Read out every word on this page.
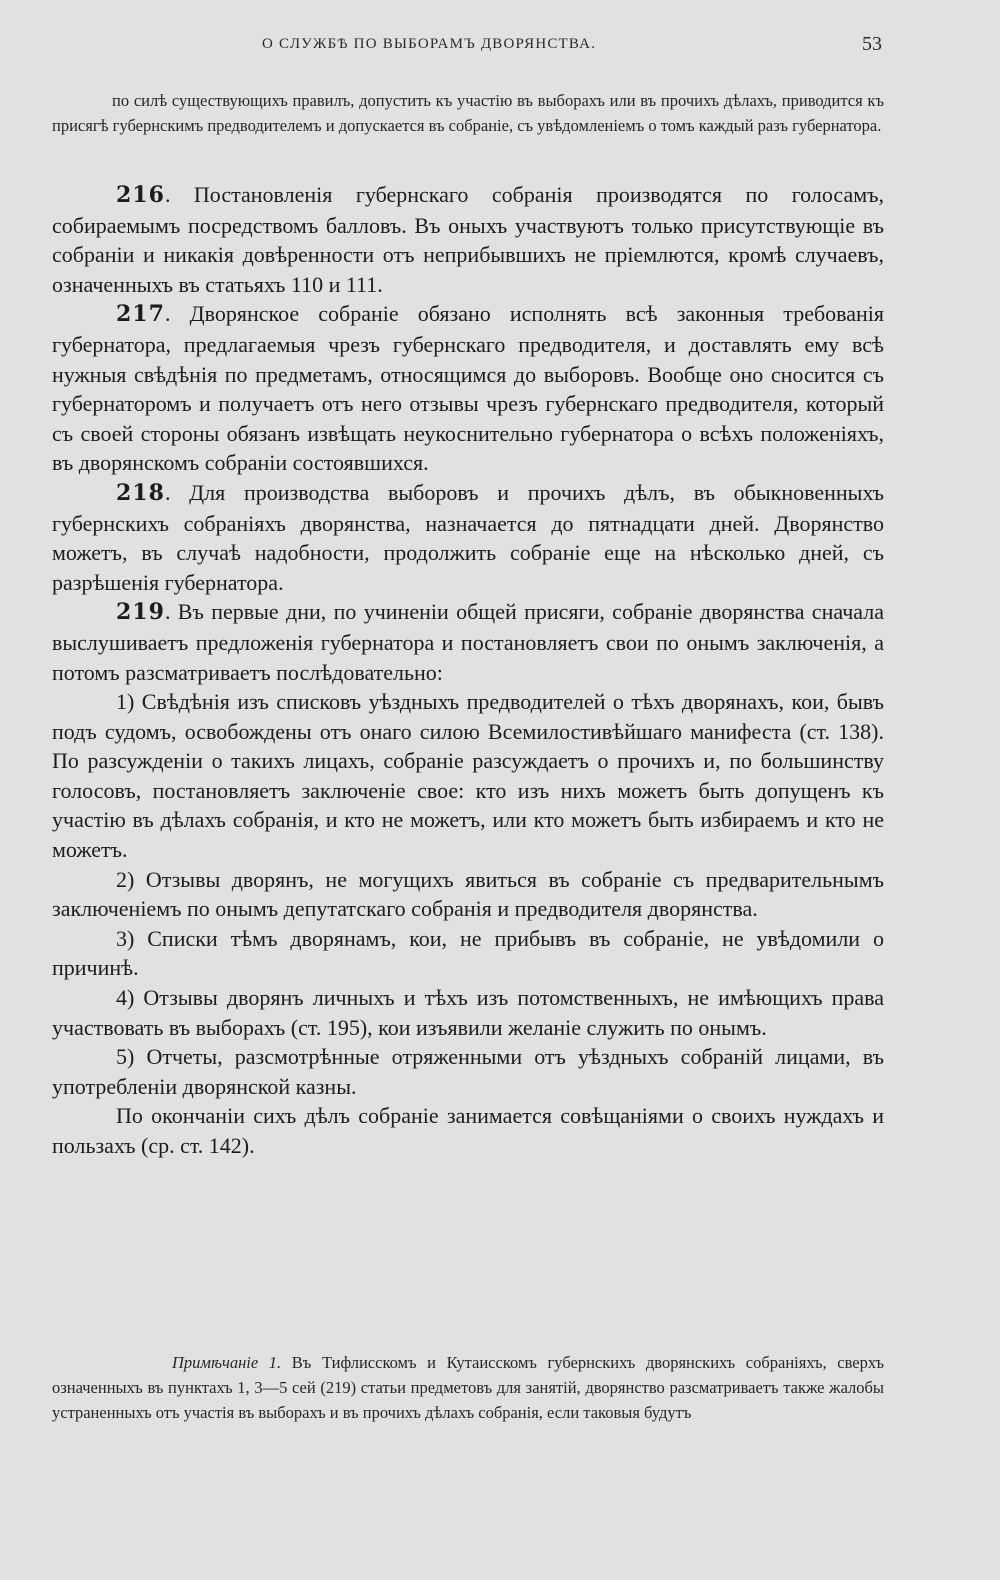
О СЛУЖБѢ ПО ВЫБОРАМЪ ДВОРЯНСТВА.	53

по силѣ существующихъ правилъ, допустить къ участію въ выборахъ или въ прочихъ дѣлахъ, приводится къ присягѣ губернскимъ предводителемъ и допускается въ собраніе, съ увѣдомленіемъ о томъ каждый разъ губернатора.

216. Постановленія губернскаго собранія производятся по голосамъ, собираемымъ посредствомъ балловъ. Въ оныхъ участвуютъ только присутствующіе въ собраніи и никакія довѣренности отъ неприбывшихъ не пріемлются, кромѣ случаевъ, означенныхъ въ статьяхъ 110 и 111.

217. Дворянское собраніе обязано исполнять всѣ законныя требованія губернатора, предлагаемыя чрезъ губернскаго предводителя, и доставлять ему всѣ нужныя свѣдѣнія по предметамъ, относящимся до выборовъ. Вообще оно сносится съ губернаторомъ и получаетъ отъ него отзывы чрезъ губернскаго предводителя, который съ своей стороны обязанъ извѣщать неукоснительно губернатора о всѣхъ положеніяхъ, въ дворянскомъ собраніи состоявшихся.

218. Для производства выборовъ и прочихъ дѣлъ, въ обыкновенныхъ губернскихъ собраніяхъ дворянства, назначается до пятнадцати дней. Дворянство можетъ, въ случаѣ надобности, продолжить собраніе еще на нѣсколько дней, съ разрѣшенія губернатора.

219. Въ первые дни, по учиненіи общей присяги, собраніе дворянства сначала выслушиваетъ предложенія губернатора и постановляетъ свои по онымъ заключенія, а потомъ разсматриваетъ послѣдовательно:

1) Свѣдѣнія изъ списковъ уѣздныхъ предводителей о тѣхъ дворянахъ, кои, бывъ подъ судомъ, освобождены отъ онаго силою Всемилостивѣйшаго манифеста (ст. 138). По разсужденіи о такихъ лицахъ, собраніе разсуждаетъ о прочихъ и, по большинству голосовъ, постановляетъ заключеніе свое: кто изъ нихъ можетъ быть допущенъ къ участію въ дѣлахъ собранія, и кто не можетъ, или кто можетъ быть избираемъ и кто не можетъ.

2) Отзывы дворянъ, не могущихъ явиться въ собраніе съ предварительнымъ заключеніемъ по онымъ депутатскаго собранія и предводителя дворянства.

3) Списки тѣмъ дворянамъ, кои, не прибывъ въ собраніе, не увѣдомили о причинѣ.

4) Отзывы дворянъ личныхъ и тѣхъ изъ потомственныхъ, не имѣющихъ права участвовать въ выборахъ (ст. 195), кои изъявили желаніе служить по онымъ.

5) Отчеты, разсмотрѣнные отряженными отъ уѣздныхъ собраній лицами, въ употребленіи дворянской казны.

По окончаніи сихъ дѣлъ собраніе занимается совѣщаніями о своихъ нуждахъ и пользахъ (ср. ст. 142).

Примѣчаніе 1. Въ Тифлисскомъ и Кутаисскомъ губернскихъ дворянскихъ собраніяхъ, сверхъ означенныхъ въ пунктахъ 1, 3—5 сей (219) статьи предметовъ для занятій, дворянство разсматриваетъ также жалобы устраненныхъ отъ участія въ выборахъ и въ прочихъ дѣлахъ собранія, если таковыя будутъ
